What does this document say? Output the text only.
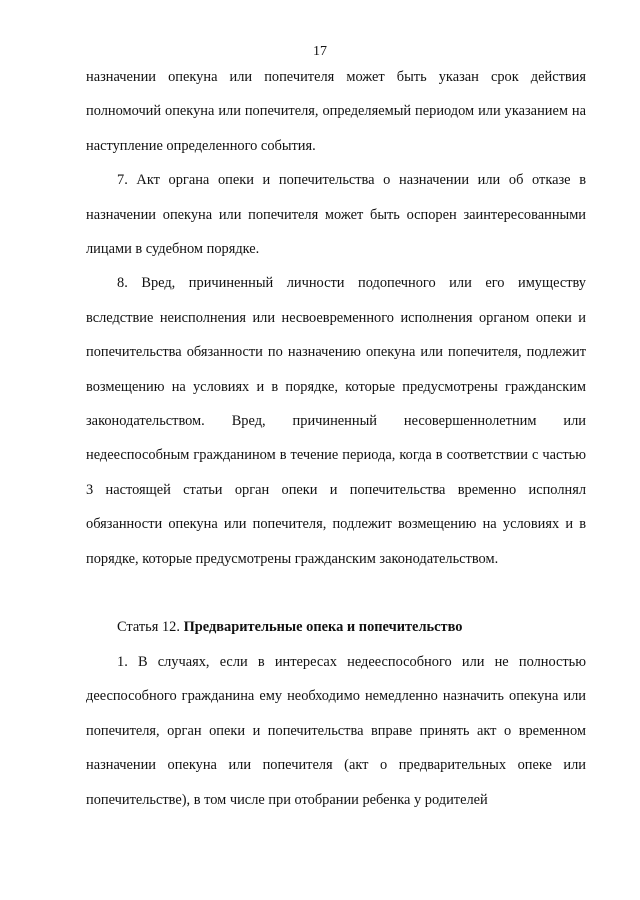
17

назначении опекуна или попечителя может быть указан срок действия полномочий опекуна или попечителя, определяемый периодом или указанием на наступление определенного события.

7. Акт органа опеки и попечительства о назначении или об отказе в назначении опекуна или попечителя может быть оспорен заинтересованными лицами в судебном порядке.

8. Вред, причиненный личности подопечного или его имуществу вследствие неисполнения или несвоевременного исполнения органом опеки и попечительства обязанности по назначению опекуна или попечителя, подлежит возмещению на условиях и в порядке, которые предусмотрены гражданским законодательством. Вред, причиненный несовершеннолетним или недееспособным гражданином в течение периода, когда в соответствии с частью 3 настоящей статьи орган опеки и попечительства временно исполнял обязанности опекуна или попечителя, подлежит возмещению на условиях и в порядке, которые предусмотрены гражданским законодательством.

Статья 12. Предварительные опека и попечительство

1. В случаях, если в интересах недееспособного или не полностью дееспособного гражданина ему необходимо немедленно назначить опекуна или попечителя, орган опеки и попечительства вправе принять акт о временном назначении опекуна или попечителя (акт о предварительных опеке или попечительстве), в том числе при отобрании ребенка у родителей
